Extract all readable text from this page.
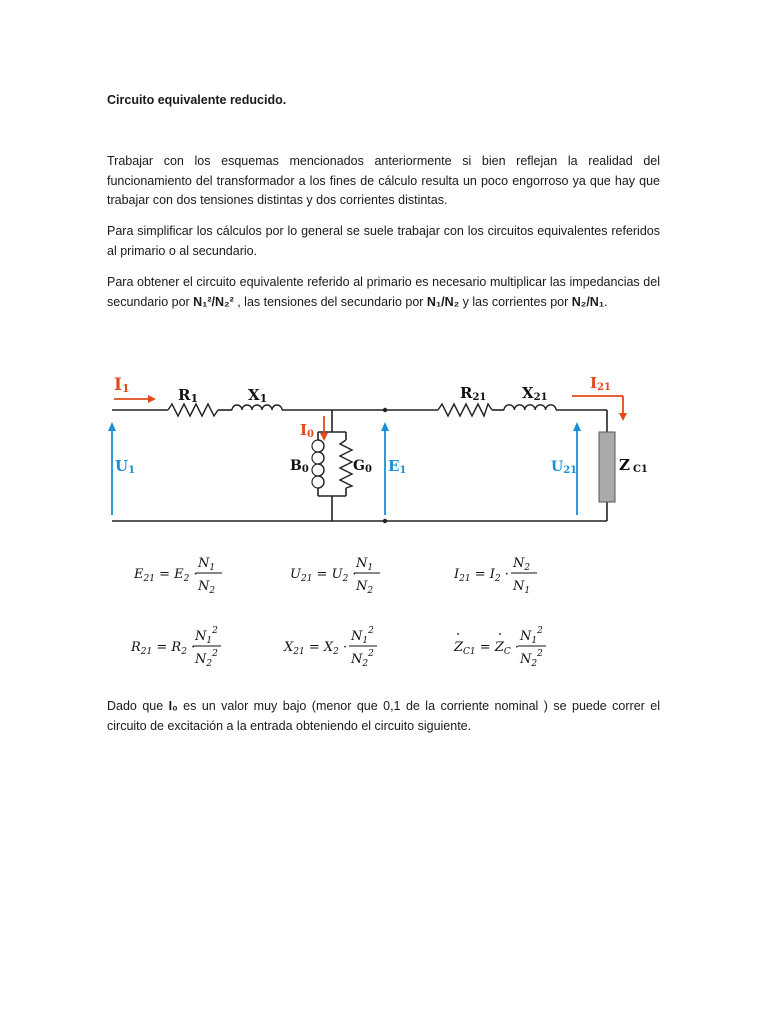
Circuito equivalente reducido.

Trabajar con los esquemas mencionados anteriormente si bien reflejan la realidad del funcionamiento del transformador a los fines de cálculo resulta un poco engorroso ya que hay que trabajar con dos tensiones distintas y dos corrientes distintas.

Para simplificar los cálculos por lo general se suele trabajar con los circuitos equivalentes referidos al primario o al secundario.

Para obtener el circuito equivalente referido al primario es necesario multiplicar las impedancias del secundario por N₁²/N₂² , las tensiones del secundario por N₁/N₂ y las corrientes por N₂/N₁.

I1	R1	X1
I0
B0	G0
U1	E1
R21 X21
I21
U21	Z C1
$E_{21} = E_2$ ·
$N_1$
$N_2$
$U_{21} = U_2$ ·
$N_1$
$N_2$
$I_{21} = I_2$ ·
$N_2$
$N_1$
$R_{21} = R_2$ ·
$N_1^2$
$N_2^2$	$X_{21} = X_2$ ·
$N_1^2$
$N_2^2$	$Z_{C1} = Z_C$ ·
$N_1^2$
$N_2^2$

Dado que I₀ es un valor muy bajo (menor que 0,1 de la corriente nominal ) se puede correr el circuito de excitación a la entrada obteniendo el circuito siguiente.
